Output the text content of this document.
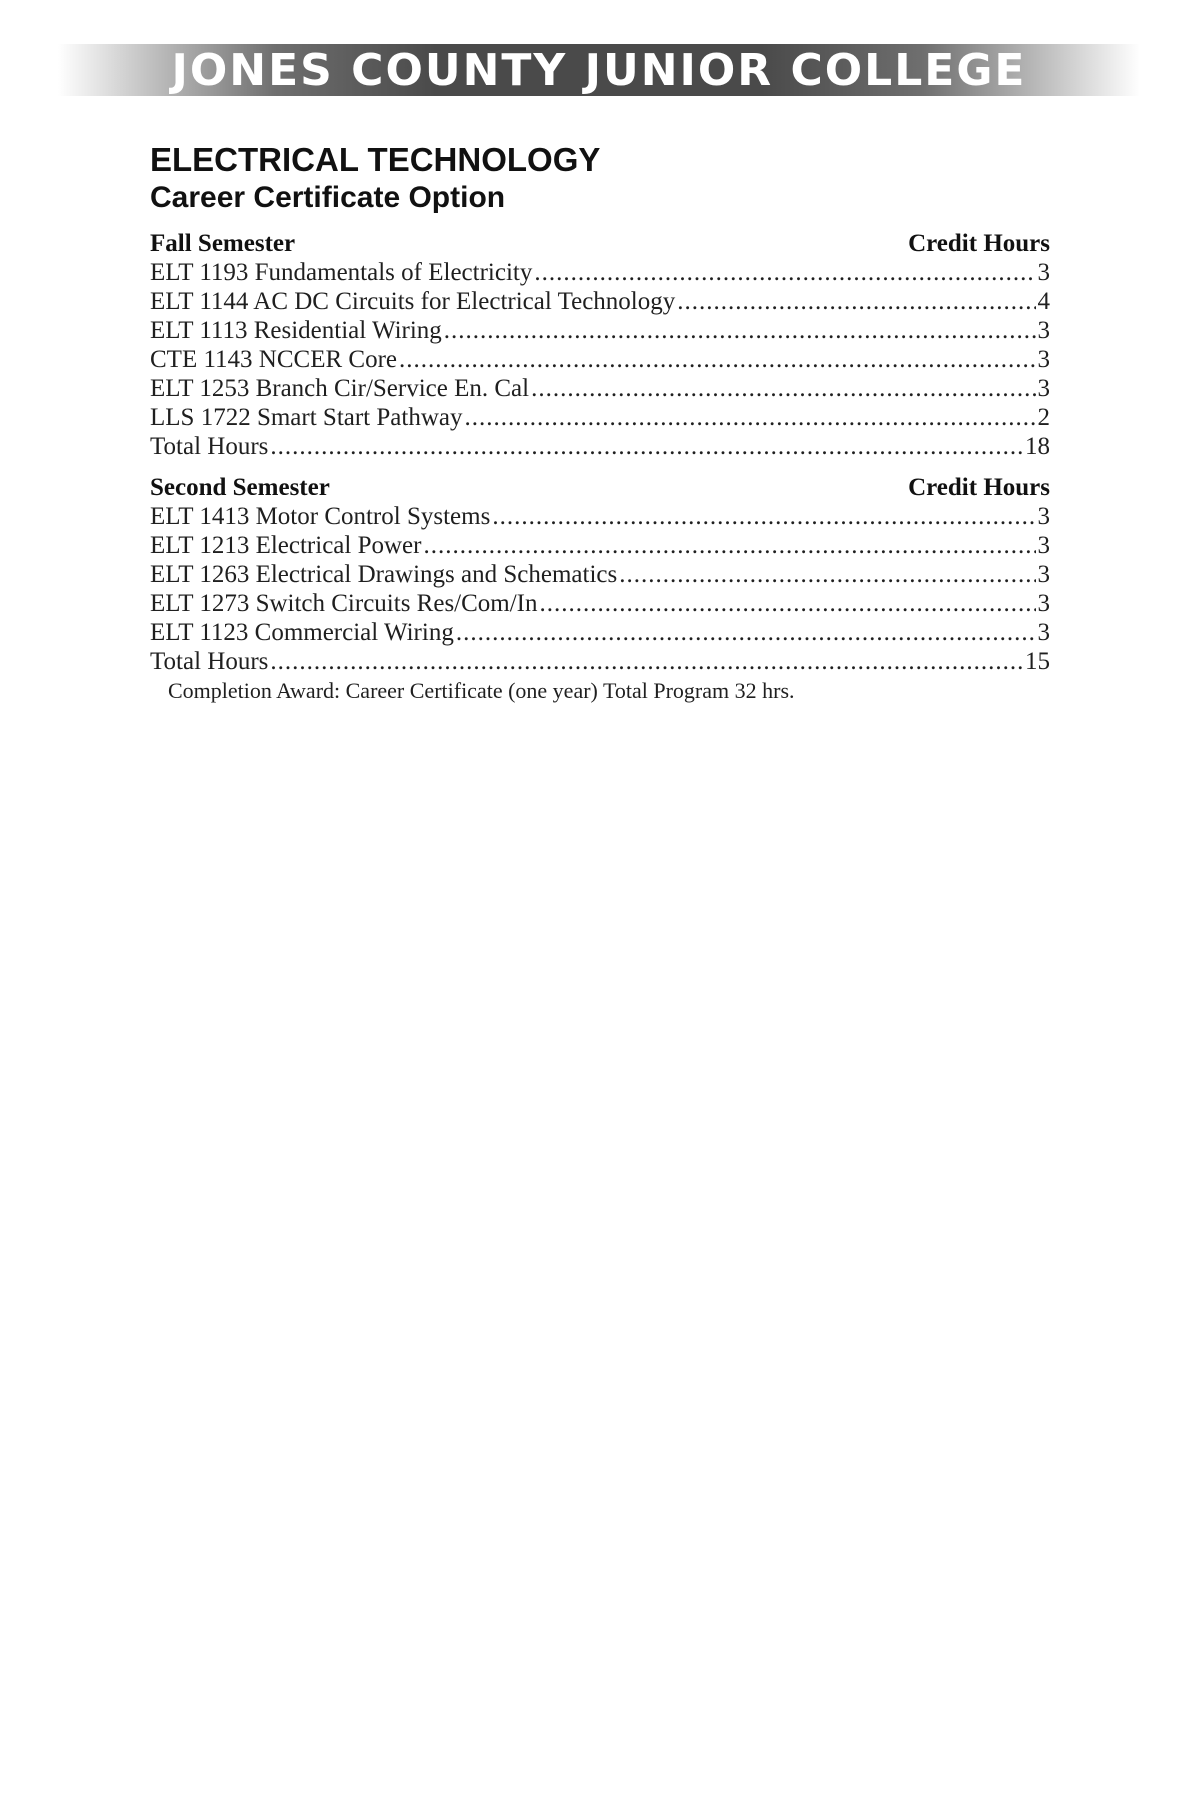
JONES COUNTY JUNIOR COLLEGE
ELECTRICAL TECHNOLOGY
Career Certificate Option
Fall Semester	Credit Hours
ELT 1193 Fundamentals of Electricity .....	3
ELT 1144 AC DC Circuits for Electrical Technology .....	4
ELT 1113 Residential Wiring .....	3
CTE 1143 NCCER Core .....	3
ELT 1253 Branch Cir/Service En. Cal .....	3
LLS 1722 Smart Start Pathway .....	2
Total Hours .....	18
Second Semester	Credit Hours
ELT 1413 Motor Control Systems .....	3
ELT 1213 Electrical Power .....	3
ELT 1263 Electrical Drawings and Schematics .....	3
ELT 1273 Switch Circuits Res/Com/In .....	3
ELT 1123 Commercial Wiring .....	3
Total Hours .....	15
Completion Award: Career Certificate (one year) Total Program 32 hrs.
